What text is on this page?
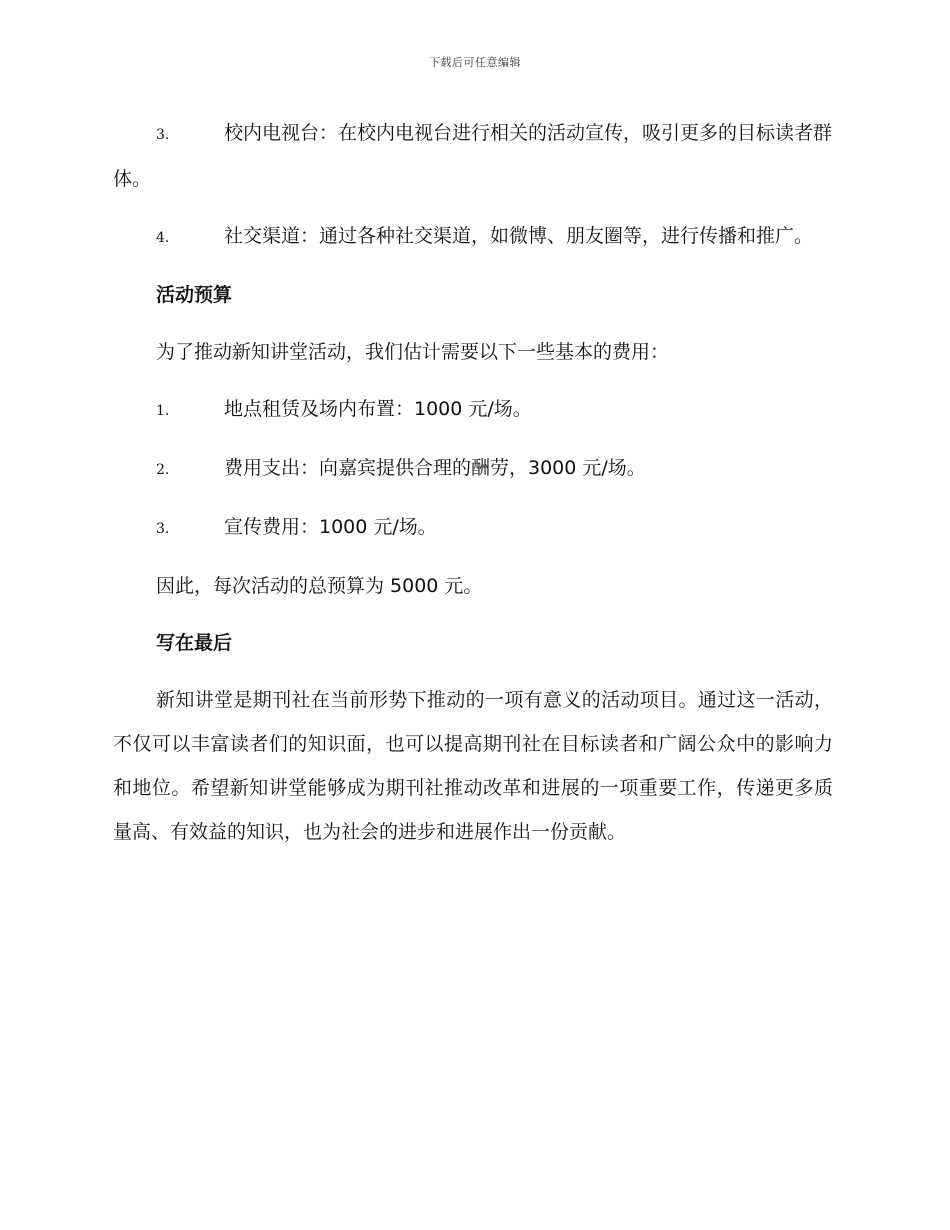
下载后可任意编辑

3.	校内电视台：在校内电视台进行相关的活动宣传，吸引更多的目标读者群体。

4.	社交渠道：通过各种社交渠道，如微博、朋友圈等，进行传播和推广。

活动预算

为了推动新知讲堂活动，我们估计需要以下一些基本的费用：

1.	地点租赁及场内布置：1000 元/场。

2.	费用支出：向嘉宾提供合理的酬劳，3000 元/场。

3.	宣传费用：1000 元/场。

因此，每次活动的总预算为 5000 元。

写在最后

新知讲堂是期刊社在当前形势下推动的一项有意义的活动项目。通过这一活动，不仅可以丰富读者们的知识面，也可以提高期刊社在目标读者和广阔公众中的影响力和地位。希望新知讲堂能够成为期刊社推动改革和进展的一项重要工作，传递更多质量高、有效益的知识，也为社会的进步和进展作出一份贡献。
